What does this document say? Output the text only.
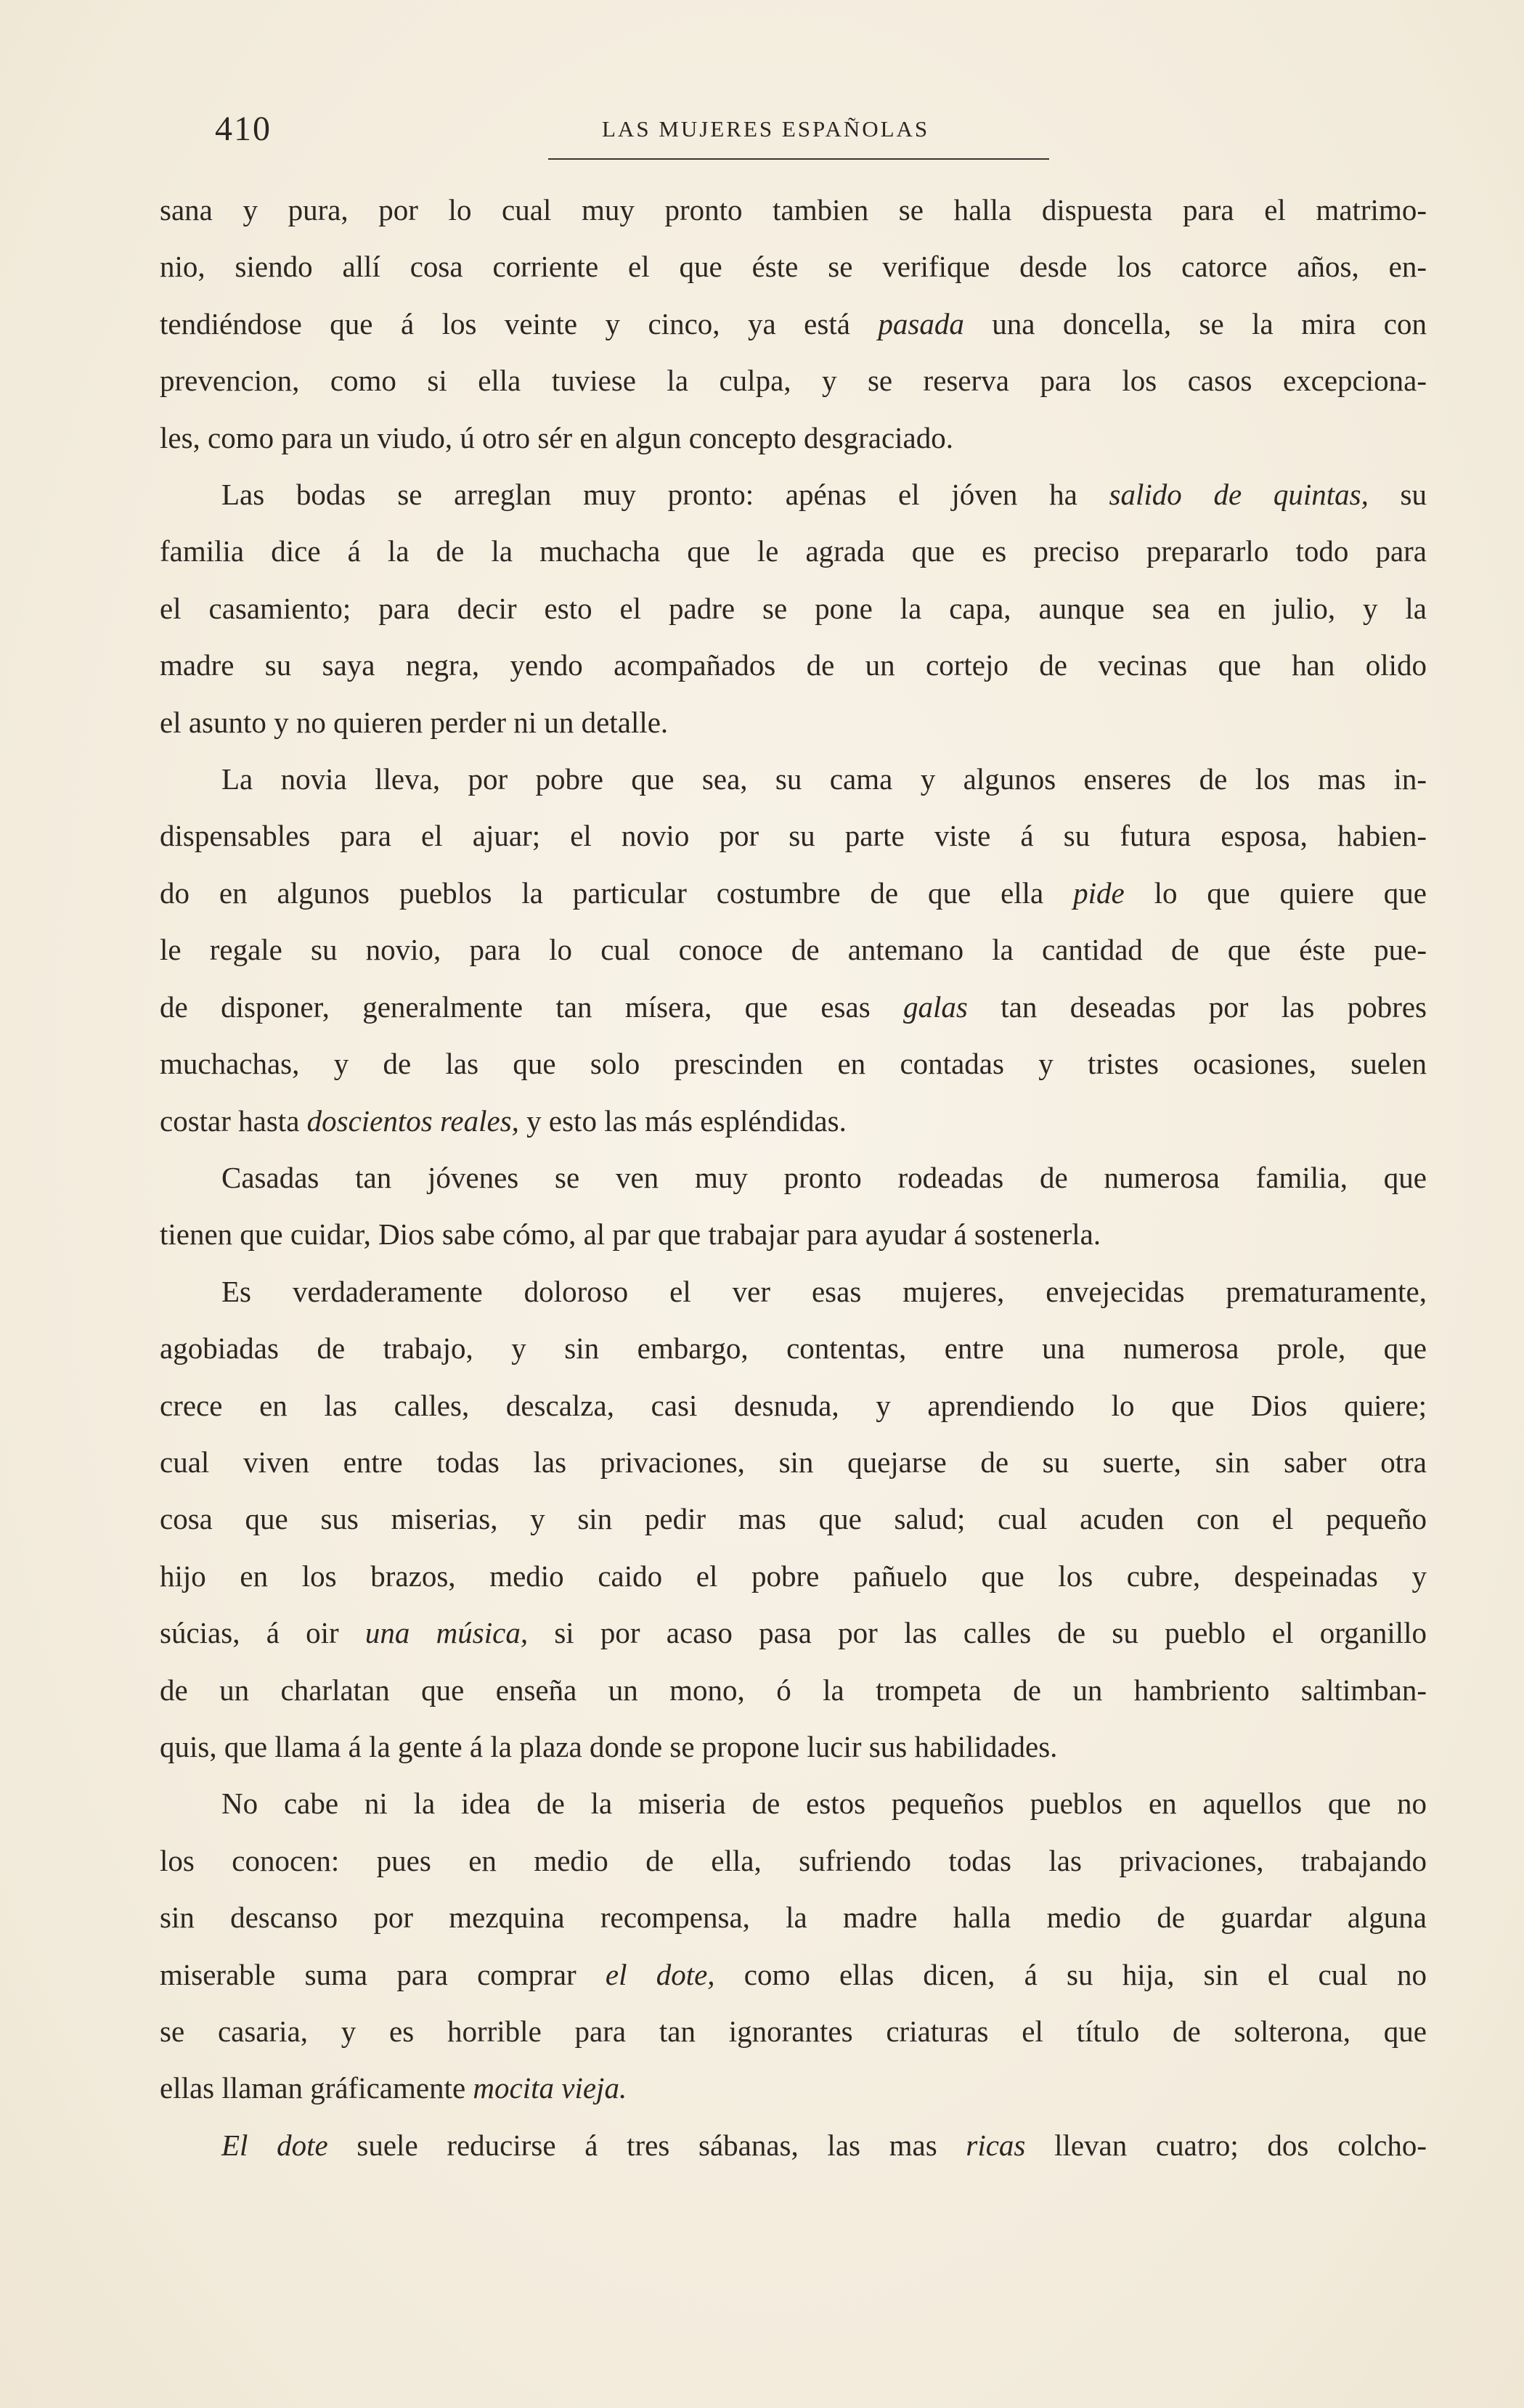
410	LAS MUJERES ESPAÑOLAS
sana y pura, por lo cual muy pronto tambien se halla dispuesta para el matrimo-
nio, siendo allí cosa corriente el que éste se verifique desde los catorce años, en-
tendiéndose que á los veinte y cinco, ya está pasada una doncella, se la mira con
prevencion, como si ella tuviese la culpa, y se reserva para los casos excepciona-
les, como para un viudo, ú otro sér en algun concepto desgraciado.
Las bodas se arreglan muy pronto: apénas el jóven ha salido de quintas, su
familia dice á la de la muchacha que le agrada que es preciso prepararlo todo para
el casamiento; para decir esto el padre se pone la capa, aunque sea en julio, y la
madre su saya negra, yendo acompañados de un cortejo de vecinas que han olido
el asunto y no quieren perder ni un detalle.
La novia lleva, por pobre que sea, su cama y algunos enseres de los mas in-
dispensables para el ajuar; el novio por su parte viste á su futura esposa, habien-
do en algunos pueblos la particular costumbre de que ella pide lo que quiere que
le regale su novio, para lo cual conoce de antemano la cantidad de que éste pue-
de disponer, generalmente tan mísera, que esas galas tan deseadas por las pobres
muchachas, y de las que solo prescinden en contadas y tristes ocasiones, suelen
costar hasta doscientos reales, y esto las más espléndidas.
Casadas tan jóvenes se ven muy pronto rodeadas de numerosa familia, que
tienen que cuidar, Dios sabe cómo, al par que trabajar para ayudar á sostenerla.
Es verdaderamente doloroso el ver esas mujeres, envejecidas prematuramente,
agobiadas de trabajo, y sin embargo, contentas, entre una numerosa prole, que
crece en las calles, descalza, casi desnuda, y aprendiendo lo que Dios quiere;
cual viven entre todas las privaciones, sin quejarse de su suerte, sin saber otra
cosa que sus miserias, y sin pedir mas que salud; cual acuden con el pequeño
hijo en los brazos, medio caido el pobre pañuelo que los cubre, despeinadas y
súcias, á oir una música, si por acaso pasa por las calles de su pueblo el organillo
de un charlatan que enseña un mono, ó la trompeta de un hambriento saltimban-
quis, que llama á la gente á la plaza donde se propone lucir sus habilidades.
No cabe ni la idea de la miseria de estos pequeños pueblos en aquellos que no
los conocen: pues en medio de ella, sufriendo todas las privaciones, trabajando
sin descanso por mezquina recompensa, la madre halla medio de guardar alguna
miserable suma para comprar el dote, como ellas dicen, á su hija, sin el cual no
se casaria, y es horrible para tan ignorantes criaturas el título de solterona, que
ellas llaman gráficamente mocita vieja.
El dote suele reducirse á tres sábanas, las mas ricas llevan cuatro; dos colcho-
